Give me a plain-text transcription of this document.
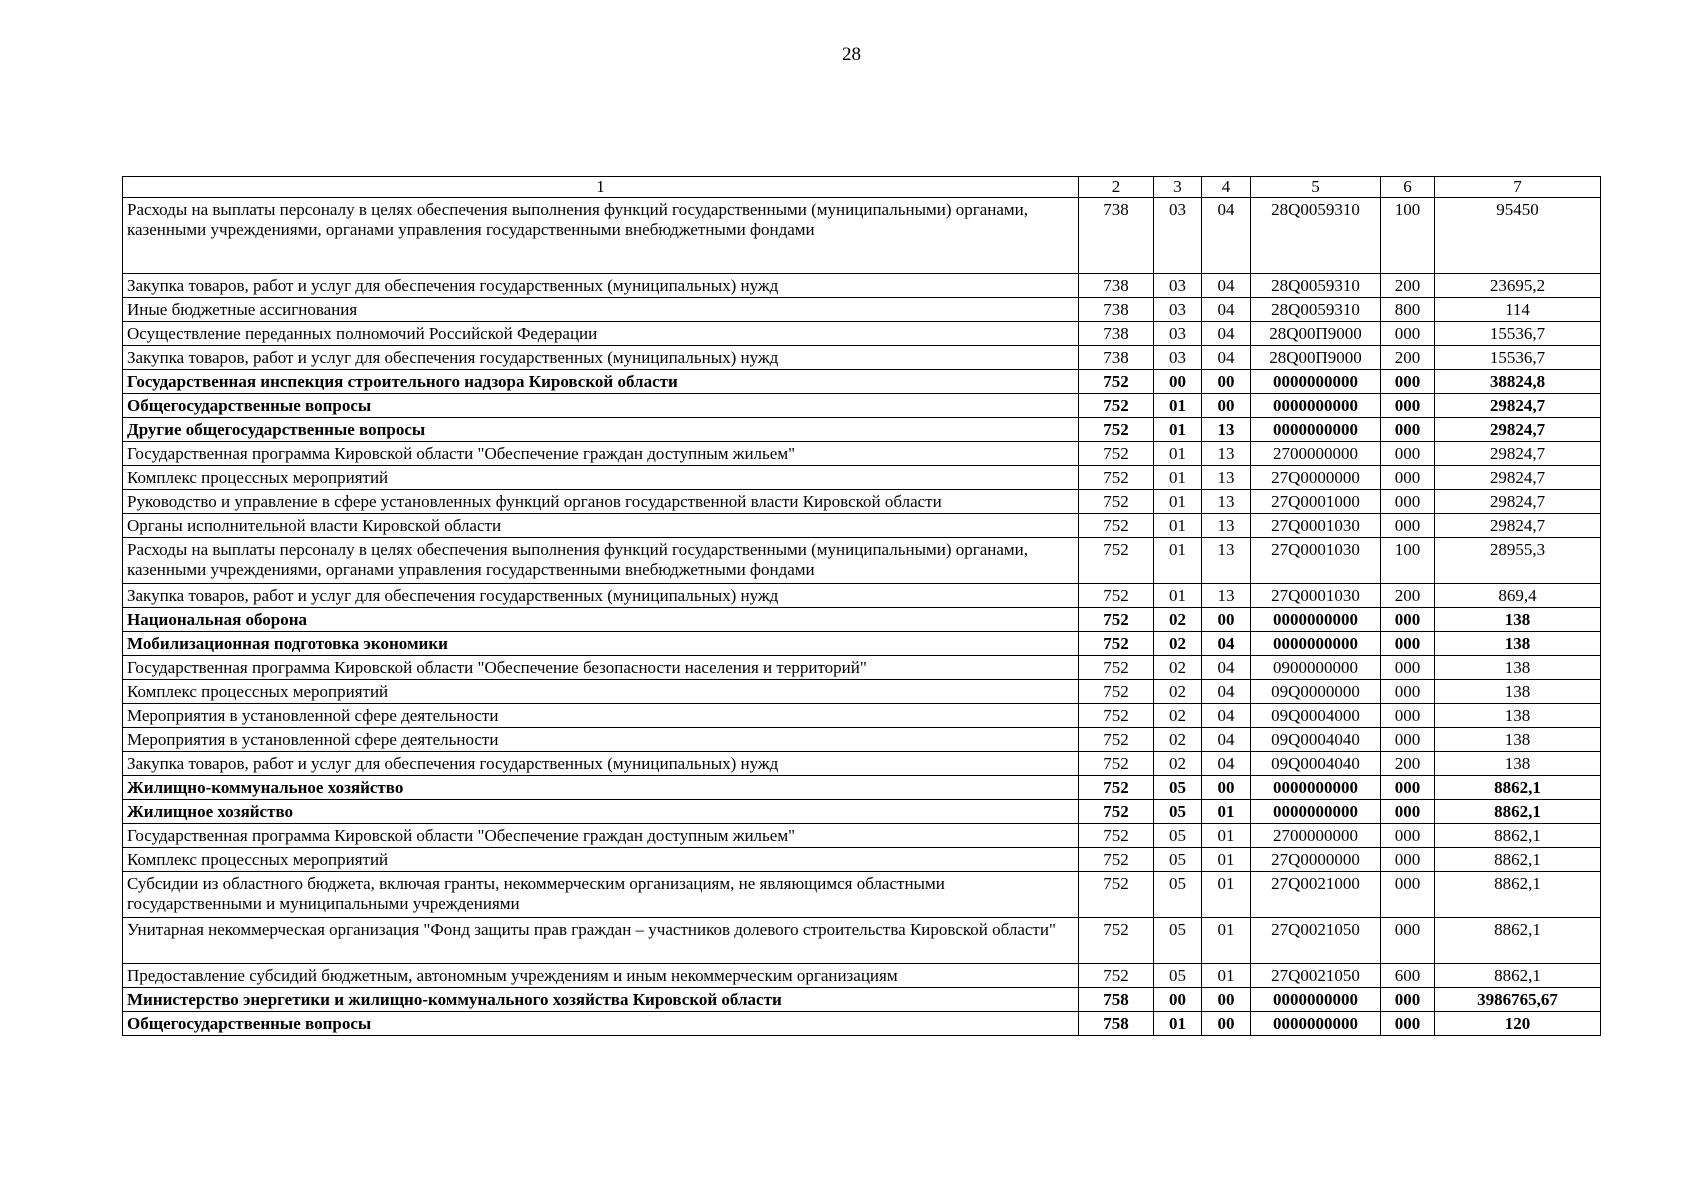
28
1	2	3	4	5	6	7
Расходы на выплаты персоналу в целях обеспечения выполнения функций государственными (муниципальными) органами, казенными учреждениями, органами управления государственными внебюджетными фондами	738	03	04	28Q0059310	100	95450
Закупка товаров, работ и услуг для обеспечения государственных (муниципальных) нужд	738	03	04	28Q0059310	200	23695,2
Иные бюджетные ассигнования	738	03	04	28Q0059310	800	114
Осуществление переданных полномочий Российской Федерации	738	03	04	28Q00П9000	000	15536,7
Закупка товаров, работ и услуг для обеспечения государственных (муниципальных) нужд	738	03	04	28Q00П9000	200	15536,7
Государственная инспекция строительного надзора Кировской области	752	00	00	0000000000	000	38824,8
Общегосударственные вопросы	752	01	00	0000000000	000	29824,7
Другие общегосударственные вопросы	752	01	13	0000000000	000	29824,7
Государственная программа Кировской области "Обеспечение граждан доступным жильем"	752	01	13	2700000000	000	29824,7
Комплекс процессных мероприятий	752	01	13	27Q0000000	000	29824,7
Руководство и управление в сфере установленных функций органов государственной власти Кировской области	752	01	13	27Q0001000	000	29824,7
Органы исполнительной власти Кировской области	752	01	13	27Q0001030	000	29824,7
Расходы на выплаты персоналу в целях обеспечения выполнения функций государственными (муниципальными) органами, казенными учреждениями, органами управления государственными внебюджетными фондами	752	01	13	27Q0001030	100	28955,3
Закупка товаров, работ и услуг для обеспечения государственных (муниципальных) нужд	752	01	13	27Q0001030	200	869,4
Национальная оборона	752	02	00	0000000000	000	138
Мобилизационная подготовка экономики	752	02	04	0000000000	000	138
Государственная программа Кировской области "Обеспечение безопасности населения и территорий"	752	02	04	0900000000	000	138
Комплекс процессных мероприятий	752	02	04	09Q0000000	000	138
Мероприятия в установленной сфере деятельности	752	02	04	09Q0004000	000	138
Мероприятия в установленной сфере деятельности	752	02	04	09Q0004040	000	138
Закупка товаров, работ и услуг для обеспечения государственных (муниципальных) нужд	752	02	04	09Q0004040	200	138
Жилищно-коммунальное хозяйство	752	05	00	0000000000	000	8862,1
Жилищное хозяйство	752	05	01	0000000000	000	8862,1
Государственная программа Кировской области "Обеспечение граждан доступным жильем"	752	05	01	2700000000	000	8862,1
Комплекс процессных мероприятий	752	05	01	27Q0000000	000	8862,1
Субсидии из областного бюджета, включая гранты, некоммерческим организациям, не являющимся областными государственными и муниципальными учреждениями	752	05	01	27Q0021000	000	8862,1
Унитарная некоммерческая организация "Фонд защиты прав граждан – участников долевого строительства Кировской области"	752	05	01	27Q0021050	000	8862,1
Предоставление субсидий бюджетным, автономным учреждениям и иным некоммерческим организациям	752	05	01	27Q0021050	600	8862,1
Министерство энергетики и жилищно-коммунального хозяйства Кировской области	758	00	00	0000000000	000	3986765,67
Общегосударственные вопросы	758	01	00	0000000000	000	120
